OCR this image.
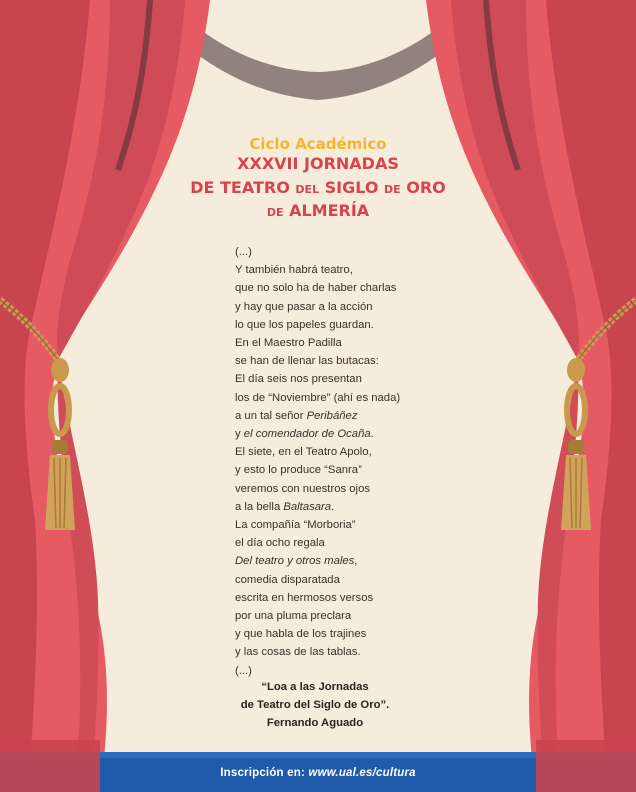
Ciclo Académico
XXXVII JORNADAS
DE TEATRO DEL SIGLO DE ORO
DE ALMERÍA
(...)
Y también habrá teatro,
que no solo ha de haber charlas
y hay que pasar a la acción
lo que los papeles guardan.
En el Maestro Padilla
se han de llenar las butacas:
El día seis nos presentan
los de “Noviembre” (ahí es nada)
a un tal señor Peribáñez
y el comendador de Ocaña.
El siete, en el Teatro Apolo,
y esto lo produce “Sanra”
veremos con nuestros ojos
a la bella Baltasara.
La compañía “Morboria”
el día ocho regala
Del teatro y otros males,
comedia disparatada
escrita en hermosos versos
por una pluma preclara
y que habla de los trajines
y las cosas de las tablas.
(...)
“Loa a las Jornadas
de Teatro del Siglo de Oro”.
Fernando Aguado
Inscripción en: www.ual.es/cultura
